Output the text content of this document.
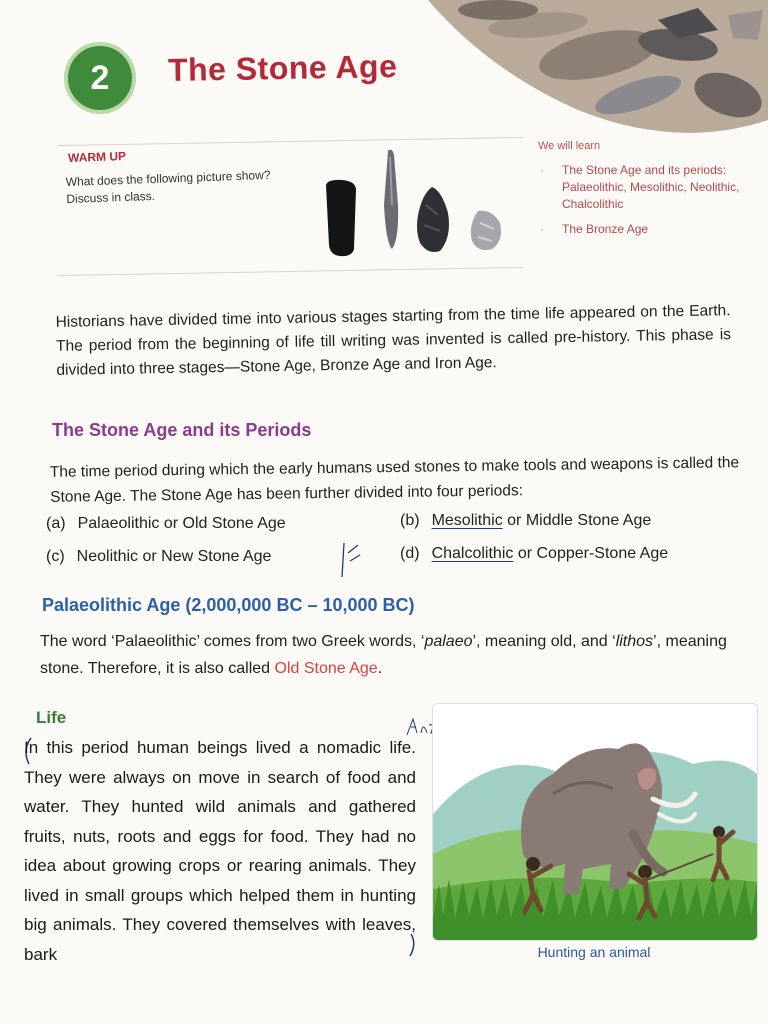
2 The Stone Age
WARM UP
What does the following picture show? Discuss in class.
We will learn
· The Stone Age and its periods: Palaeolithic, Mesolithic, Neolithic, Chalcolithic
· The Bronze Age
Historians have divided time into various stages starting from the time life appeared on the Earth. The period from the beginning of life till writing was invented is called pre-history. This phase is divided into three stages—Stone Age, Bronze Age and Iron Age.
The Stone Age and its Periods
The time period during which the early humans used stones to make tools and weapons is called the Stone Age. The Stone Age has been further divided into four periods:
(a) Palaeolithic or Old Stone Age	(b) Mesolithic or Middle Stone Age
(c) Neolithic or New Stone Age	(d) Chalcolithic or Copper-Stone Age
Palaeolithic Age (2,000,000 BC – 10,000 BC)
The word ‘Palaeolithic’ comes from two Greek words, ‘palaeo’, meaning old, and ‘lithos’, meaning stone. Therefore, it is also called Old Stone Age.
Life
In this period human beings lived a nomadic life. They were always on move in search of food and water. They hunted wild animals and gathered fruits, nuts, roots and eggs for food. They had no idea about growing crops or rearing animals. They lived in small groups which helped them in hunting big animals. They covered themselves with leaves, bark	Hunting an animal
